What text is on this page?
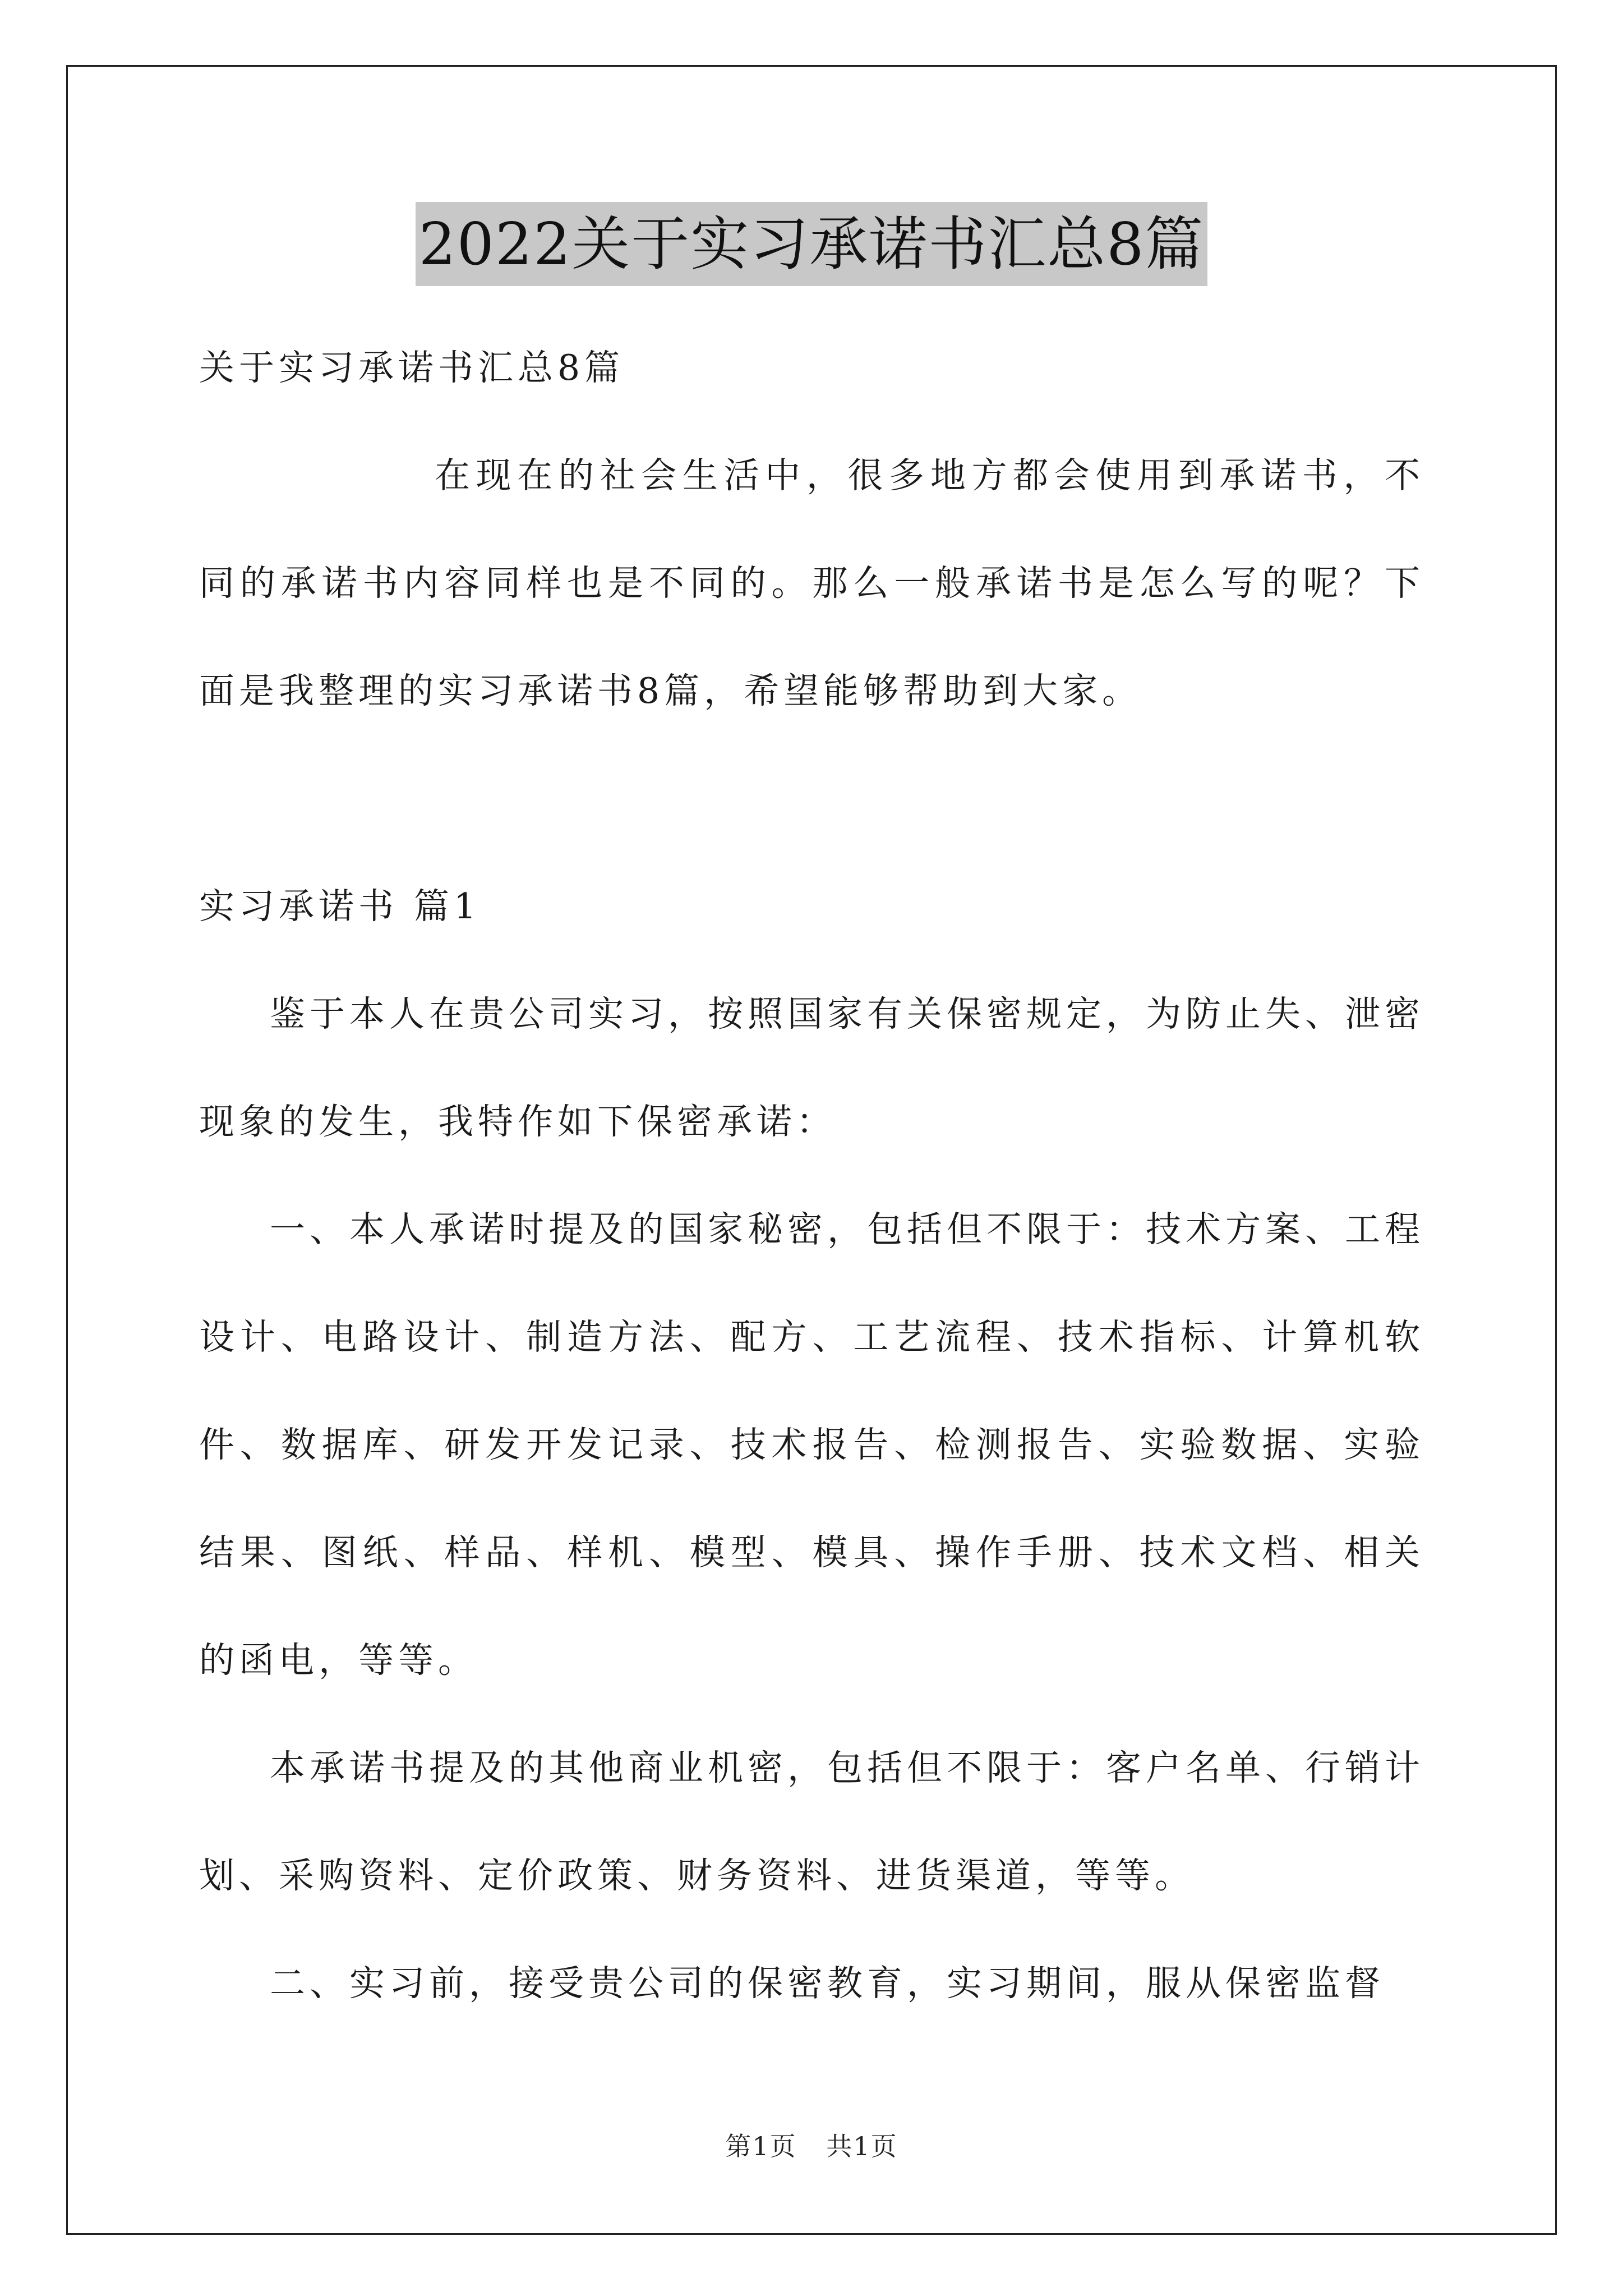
2022关于实习承诺书汇总8篇

关于实习承诺书汇总8篇

在现在的社会生活中，很多地方都会使用到承诺书，不同的承诺书内容同样也是不同的。那么一般承诺书是怎么写的呢？下面是我整理的实习承诺书8篇，希望能够帮助到大家。

实习承诺书 篇1

鉴于本人在贵公司实习，按照国家有关保密规定，为防止失、泄密现象的发生，我特作如下保密承诺：

一、本人承诺时提及的国家秘密，包括但不限于：技术方案、工程设计、电路设计、制造方法、配方、工艺流程、技术指标、计算机软件、数据库、研发开发记录、技术报告、检测报告、实验数据、实验结果、图纸、样品、样机、模型、模具、操作手册、技术文档、相关的函电，等等。

本承诺书提及的其他商业机密，包括但不限于：客户名单、行销计划、采购资料、定价政策、财务资料、进货渠道，等等。

二、实习前，接受贵公司的保密教育，实习期间，服从保密监督

第1页 共1页
